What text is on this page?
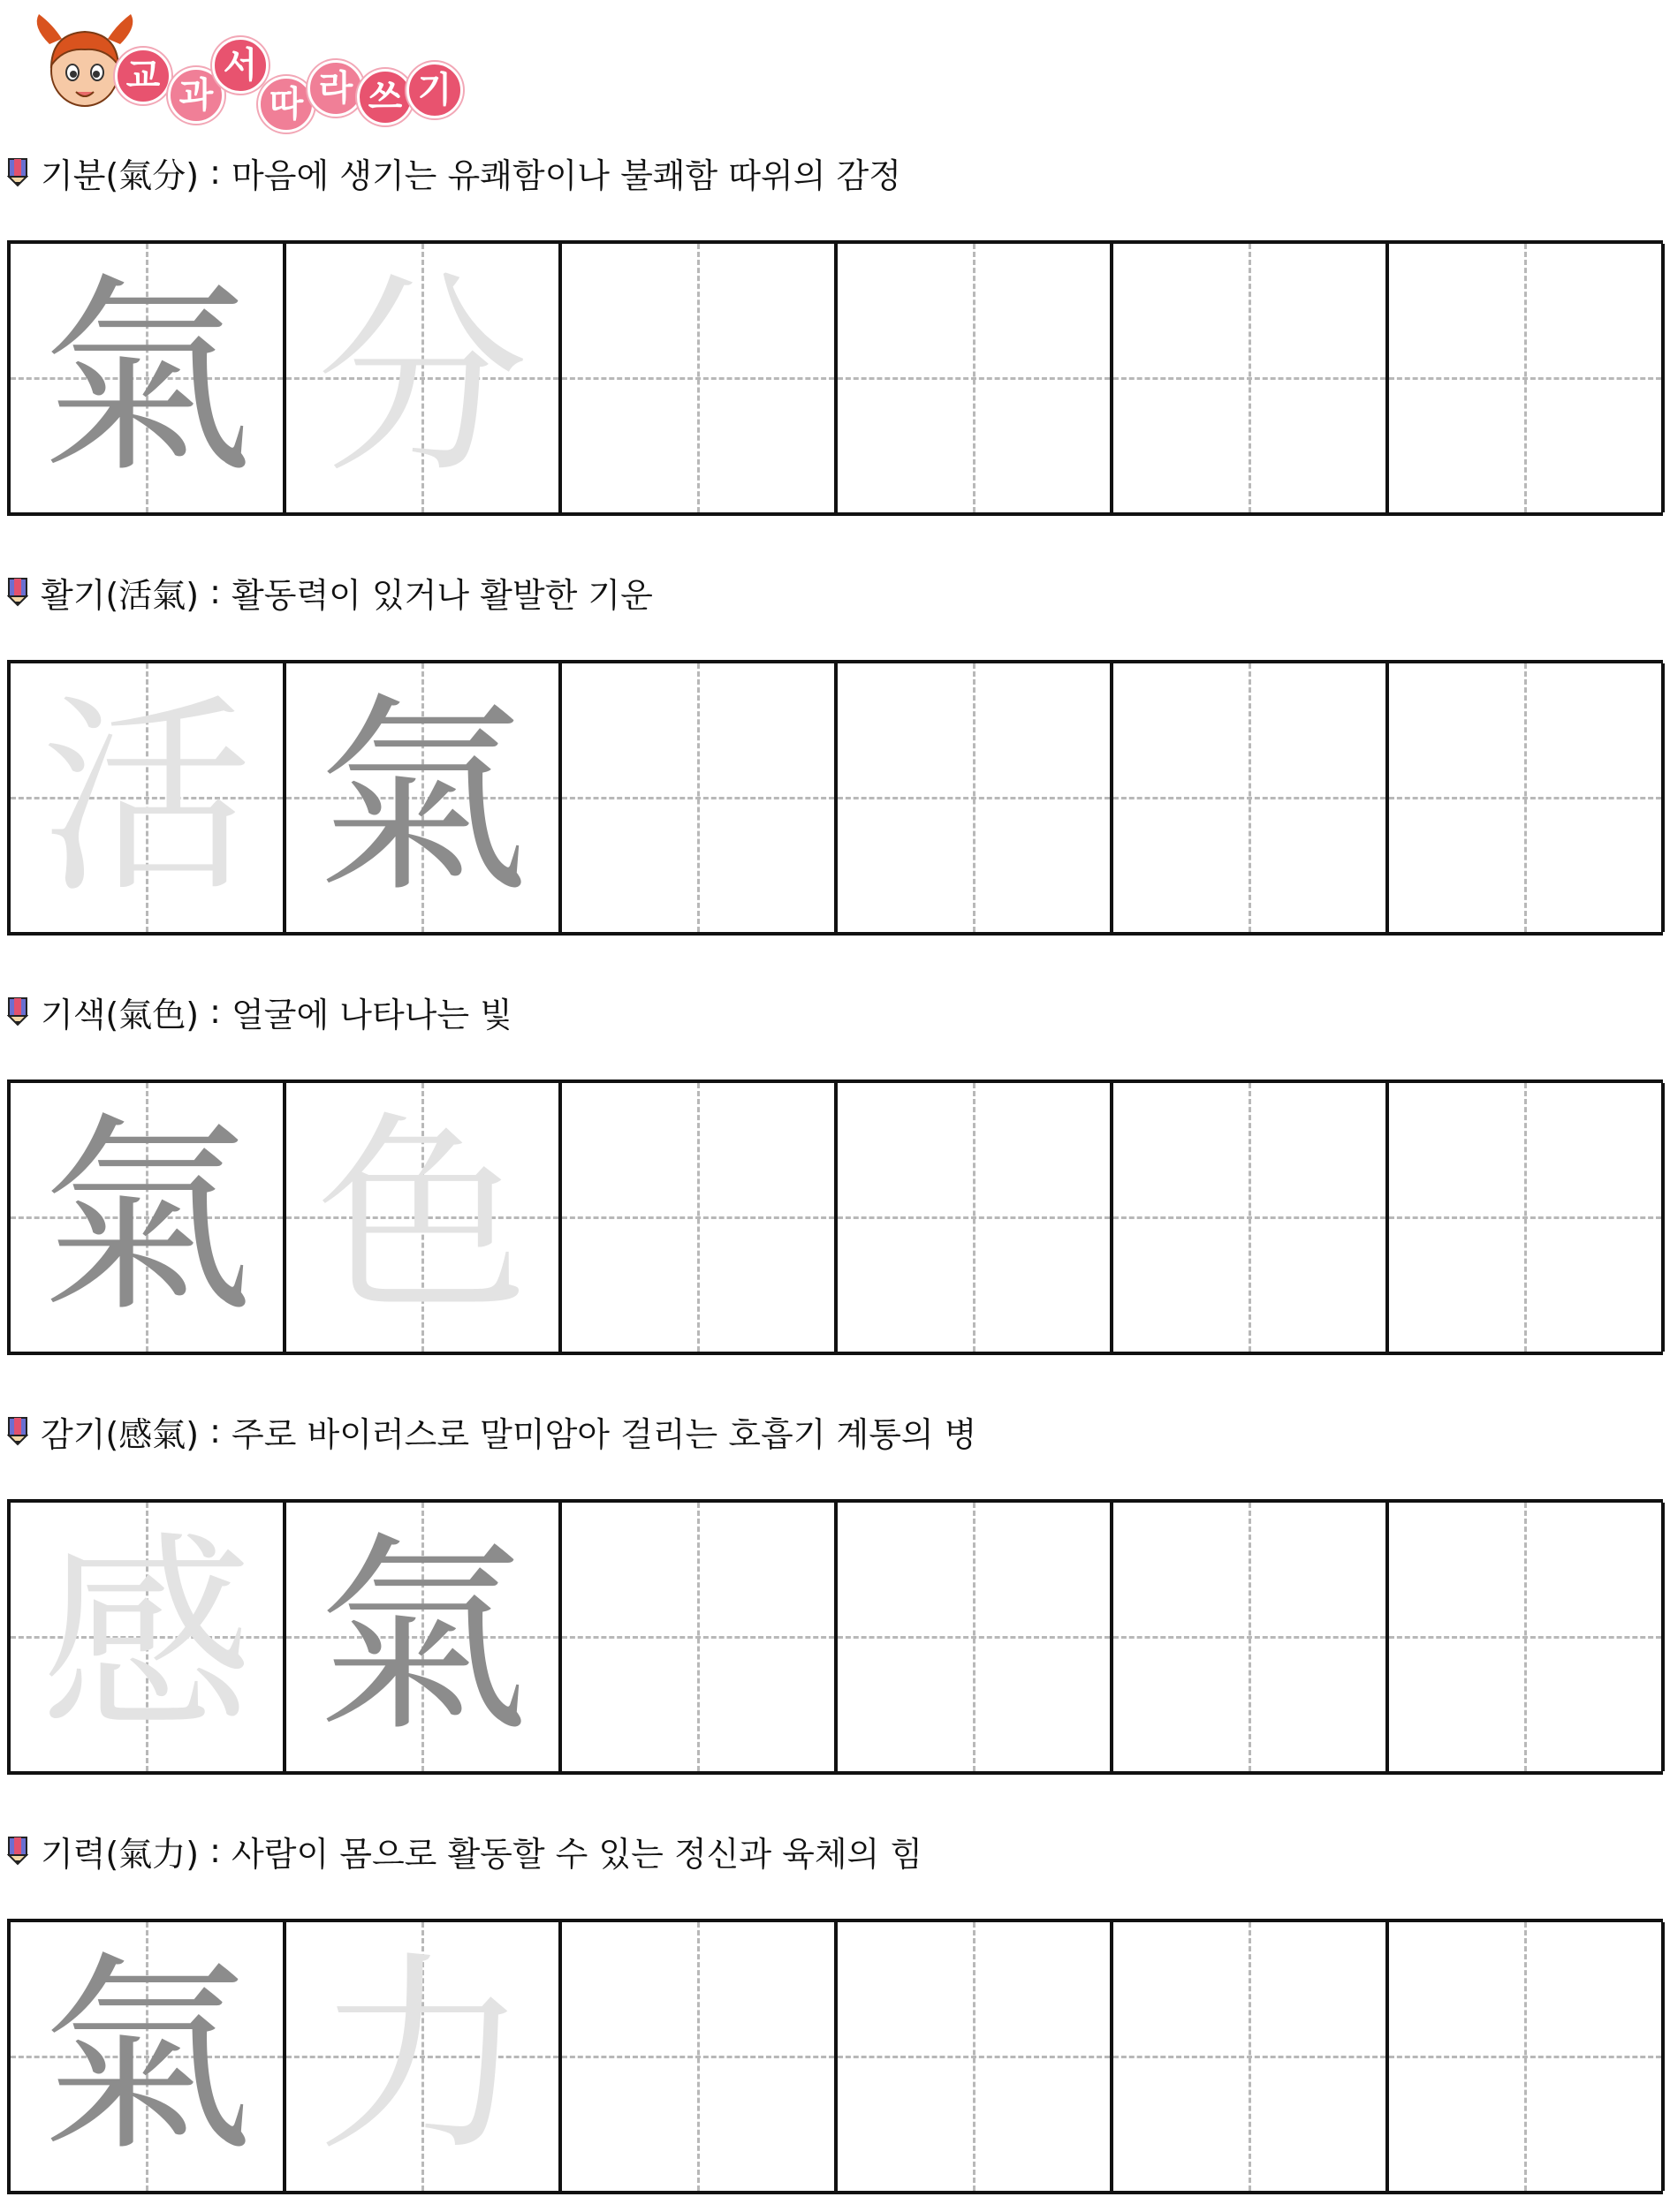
교 과
서
따 라 쓰 기
기분 (氣分) : 마음에 생기는 유쾌함이나 불쾌함 따위의 감정
氣 分
활기 (活氣) : 활동력이 있거나 활발한 기운
活 氣
기색 (氣色) : 얼굴에 나타나는 빛
氣 色
감기 (感氣) : 주로 바이러스로 말미암아 걸리는 호흡기 계통의 병
感 氣
기력 (氣力) : 사람이 몸으로 활동할 수 있는 정신과 육체의 힘
氣 力
